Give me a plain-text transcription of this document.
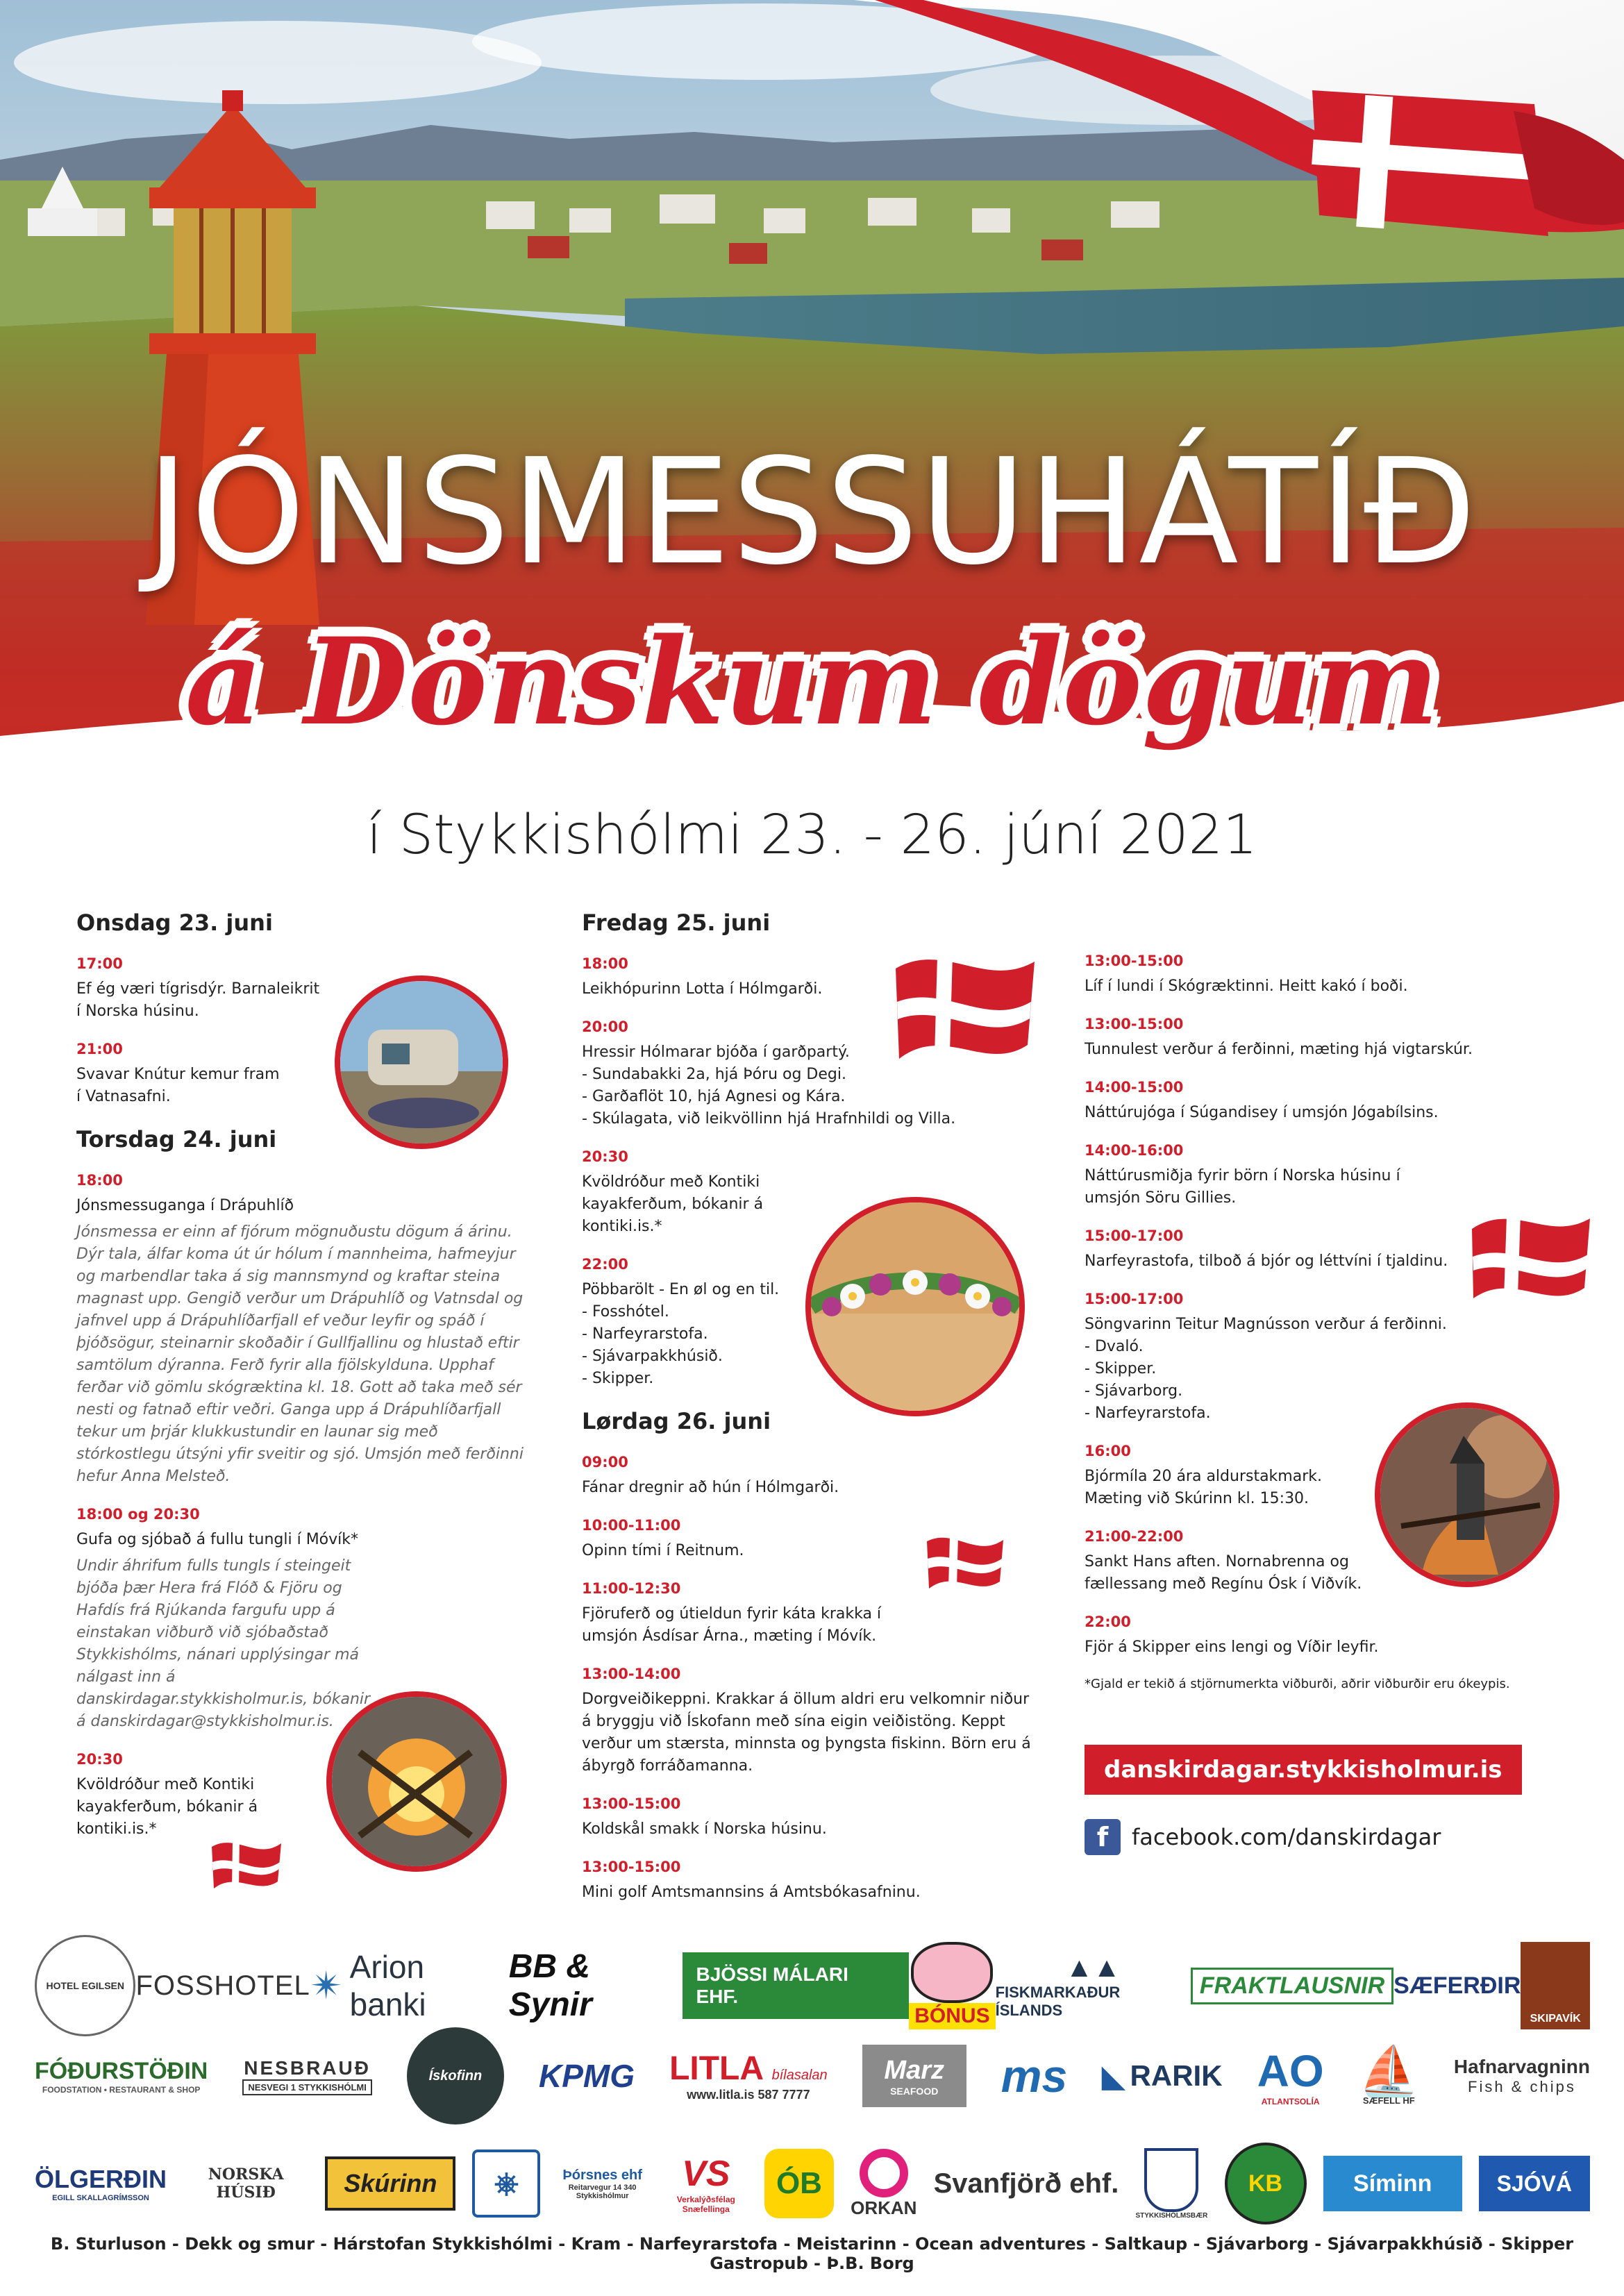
JÓNSMESSUHÁTÍÐ
á Dönskum dögum
í Stykkishólmi 23. - 26. júní 2021
Onsdag 23. juni
17:00
Ef ég væri tígrisdýr. Barnaleikrit í Norska húsinu.
21:00
Svavar Knútur kemur fram í Vatnasafni.
Torsdag 24. juni
18:00
Jónsmessuganga í Drápuhlíð
Jónsmessa er einn af fjórum mögnuðustu dögum á árinu. Dýr tala, álfar koma út úr hólum í mannheima, hafmeyjur og marbendlar taka á sig mannsmynd og kraftar steina magnast upp. Gengið verður um Drápuhlíð og Vatnsdal og jafnvel upp á Drápuhlíðarfjall ef veður leyfir og spáð í þjóðsögur, steinarnir skoðaðir í Gullfjallinu og hlustað eftir samtölum dýranna. Ferð fyrir alla fjölskylduna. Upphaf ferðar við gömlu skógræktina kl. 18. Gott að taka með sér nesti og fatnað eftir veðri. Ganga upp á Drápuhlíðarfjall tekur um þrjár klukkustundir en launar sig með stórkostlegu útsýni yfir sveitir og sjó. Umsjón með ferðinni hefur Anna Melsteð.
18:00 og 20:30
Gufa og sjóbað á fullu tungli í Móvík*
Undir áhrifum fulls tungls í steingeit bjóða þær Hera frá Flóð & Fjöru og Hafdís frá Rjúkanda fargufu upp á einstakan viðburð við sjóbaðstað Stykkishólms, nánari upplýsingar má nálgast inn á danskirdagar.stykkisholmur.is, bókanir á danskirdagar@stykkisholmur.is.
20:30
Kvöldróður með Kontiki kayakferðum, bókanir á kontiki.is.*
Fredag 25. juni
18:00
Leikhópurinn Lotta í Hólmgarði.
20:00
Hressir Hólmarar bjóða í garðpartý.
- Sundabakki 2a, hjá Þóru og Degi.
- Garðaflöt 10, hjá Agnesi og Kára.
- Skúlagata, við leikvöllinn hjá Hrafnhildi og Villa.
20:30
Kvöldróður með Kontiki kayakferðum, bókanir á kontiki.is.*
22:00
Pöbbarölt - En øl og en til.
- Fosshótel.
- Narfeyrarstofa.
- Sjávarpakkhúsið.
- Skipper.
Lørdag 26. juni
09:00
Fánar dregnir að hún í Hólmgarði.
10:00-11:00
Opinn tími í Reitnum.
11:00-12:30
Fjöruferð og útieldun fyrir káta krakka í umsjón Ásdísar Árna., mæting í Móvík.
13:00-14:00
Dorgveiðikeppni. Krakkar á öllum aldri eru velkomnir niður á bryggju við Ískofann með sína eigin veiðistöng. Keppt verður um stærsta, minnsta og þyngsta fiskinn. Börn eru á ábyrgð forráðamanna.
13:00-15:00
Koldskål smakk í Norska húsinu.
13:00-15:00
Mini golf Amtsmannsins á Amtsbókasafninu.
13:00-15:00
Líf í lundi í Skógræktinni. Heitt kakó í boði.
13:00-15:00
Tunnulest verður á ferðinni, mæting hjá vigtarskúr.
14:00-15:00
Náttúrujóga í Súgandisey í umsjón Jógabílsins.
14:00-16:00
Náttúrusmiðja fyrir börn í Norska húsinu í umsjón Söru Gillies.
15:00-17:00
Narfeyrastofa, tilboð á bjór og léttvíni í tjaldinu.
15:00-17:00
Söngvarinn Teitur Magnússon verður á ferðinni.
- Dvaló.
- Skipper.
- Sjávarborg.
- Narfeyrarstofa.
16:00
Bjórmíla 20 ára aldurstakmark. Mæting við Skúrinn kl. 15:30.
21:00-22:00
Sankt Hans aften. Nornabrenna og fællessang með Regínu Ósk í Viðvík.
22:00
Fjör á Skipper eins lengi og Víðir leyfir.
*Gjald er tekið á stjörnumerkta viðburði, aðrir viðburðir eru ókeypis.
danskirdagar.stykkisholmur.is
f	facebook.com/danskirdagar
HOTEL EGILSEN FOSSHOTEL ✴ Arion banki
BB & Synir
BJÖSSI MÁLARI EHF.
BÓNUS
▲▲
FISKMARKAÐUR ÍSLANDS
FRAKTLAUSNIR SÆFERÐIR
SKIPAVÍK
FÓÐURSTÖÐIN
FOODSTATION • RESTAURANT & SHOP
NESBRAUÐ
NESVEGI 1 STYKKISHÓLMI
Ískofinn	KPMG LITLA bílasalan
www.litla.is 587 7777
Marz
SEAFOOD ms ◣ RARIK AO
ATLANTSOLÍA
⛵
SÆFELL HF
Hafnarvagninn
Fish & chips
ÖLGERÐIN
EGILL SKALLAGRÍMSSON
NORSKA HÚSIÐ	Skúrinn	⎈	Þórsnes ehf
Reitarvegur 14 340 Stykkishólmur
VS
Verkalýðsfélag Snæfellinga
ÓB
ORKAN
Svanfjörð ehf.
STYKKISHÓLMSBÆR
KB	Síminn	SJÓVÁ
B. Sturluson - Dekk og smur - Hárstofan Stykkishólmi - Kram - Narfeyrarstofa - Meistarinn - Ocean adventures - Saltkaup - Sjávarborg - Sjávarpakkhúsið - Skipper Gastropub - Þ.B. Borg
